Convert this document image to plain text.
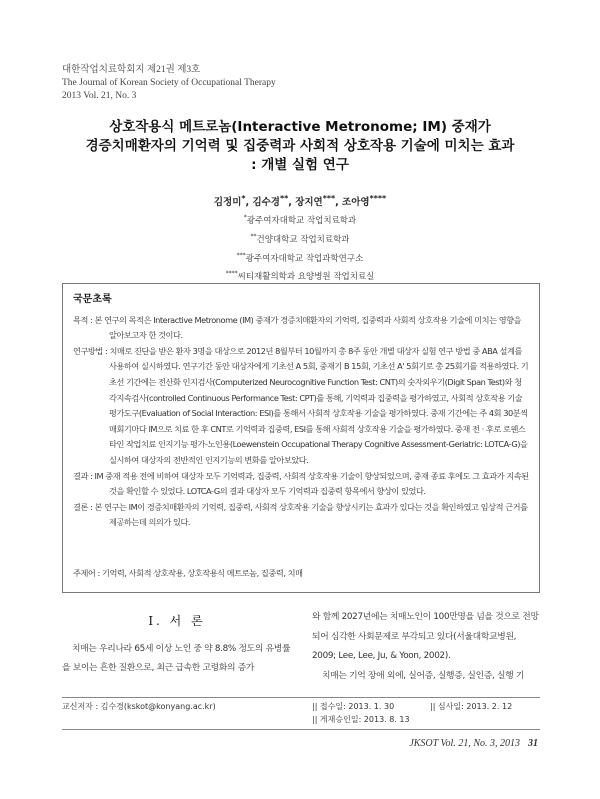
대한작업치료학회지 제21권 제3호
The Journal of Korean Society of Occupational Therapy
2013 Vol. 21, No. 3
상호작용식 메트로놈(Interactive Metronome; IM) 중재가
경증치매환자의 기억력 및 집중력과 사회적 상호작용 기술에 미치는 효과
: 개별 실험 연구
김정미*, 김수경**, 장지연***, 조아영****
*광주여자대학교 작업치료학과
**건양대학교 작업치료학과
***광주여자대학교 작업과학연구소
****씨티재활의학과 요양병원 작업치료실
국문초록
목적 : 본 연구의 목적은 Interactive Metronome (IM) 중재가 경증치매환자의 기억력, 집중력과 사회적 상호작용 기술에 미치는 영향을 알아보고자 한 것이다.
연구방법 : 치매로 진단을 받은 환자 3명을 대상으로 2012년 8월부터 10월까지 총 8주 동안 개별 대상자 실험 연구 방법 중 ABA 설계를 사용하여 실시하였다. 연구기간 동안 대상자에게 기초선 A 5회, 중재기 B 15회, 기초선 A' 5회기로 총 25회기를 적용하였다. 기초선 기간에는 전산화 인지검사(Computerized Neurocognitive Function Test: CNT)의 숫자외우기(Digit Span Test)와 청각지속검사(controlled Continuous Performance Test: CPT)를 통해, 기억력과 집중력을 평가하였고, 사회적 상호작용 기술 평가도구(Evaluation of Social Interaction: ESI)를 통해서 사회적 상호작용 기술을 평가하였다. 중재 기간에는 주 4회 30분씩 매회기마다 IM으로 치료 한 후 CNT로 기억력과 집중력, ESI를 통해 사회적 상호작용 기술을 평가하였다. 중재 전 · 후로 로웬스타인 작업치료 인지기능 평가-노인용(Loewenstein Occupational Therapy Cognitive Assessment-Geriatric: LOTCA-G)을 실시하여 대상자의 전반적인 인지기능의 변화를 알아보았다.
결과 : IM 중재 적용 전에 비하여 대상자 모두 기억력과, 집중력, 사회적 상호작용 기술이 향상되었으며, 중재 종료 후에도 그 효과가 지속된 것을 확인할 수 있었다. LOTCA-G의 결과 대상자 모두 기억력과 집중력 항목에서 향상이 있었다.
결론 : 본 연구는 IM이 경증치매환자의 기억력, 집중력, 사회적 상호작용 기술을 향상시키는 효과가 있다는 것을 확인하였고 임상적 근거를 제공하는데 의의가 있다.
주제어 : 기억력, 사회적 상호작용, 상호작용식 메트로놈, 집중력, 치매
Ⅰ. 서 론

치매는 우리나라 65세 이상 노인 중 약 8.8% 정도의 유병률을 보이는 흔한 질환으로, 최근 급속한 고령화의 증가

와 함께 2027년에는 치매노인이 100만명을 넘을 것으로 전망되어 심각한 사회문제로 부각되고 있다(서울대학교병원, 2009; Lee, Lee, Ju, & Yoon, 2002).

치매는 기억 장애 외에, 실어증, 실행증, 실인증, 실행 기

교신저자 : 김수경(kskot@konyang.ac.kr)	|| 접수일: 2013. 1. 30	|| 심사일: 2013. 2. 12
|| 게재승인일: 2013. 8. 13
JKSOT Vol. 21, No. 3, 2013 31
